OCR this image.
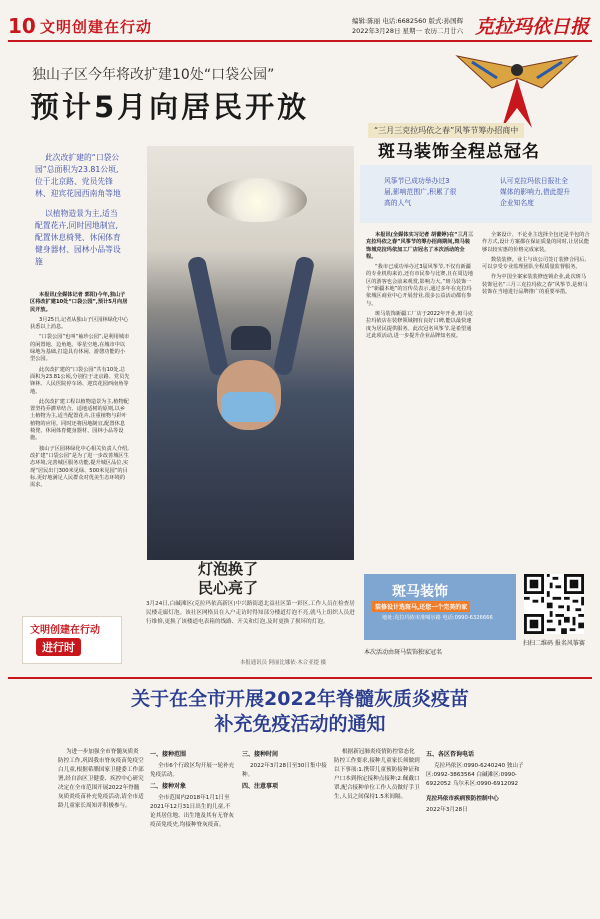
10 文明创建在行动	编辑:陈丽 电话:6682560 版式:孙国辉
2022年3月28日 星期一 农历二月廿六 克拉玛依日报
独山子区今年将改扩建10处“口袋公园”
预计5月向居民开放
此次改扩建的“口袋公园”总面积为23.81公顷,位于北京路、党员先锋林、迎宾花园西南角等地
以植物造景为主,适当配置花卉,同时因地制宜,配置休息椅凳、休闲体育健身器材、园林小品等设施

本报讯(全媒体记者 郭阳)今年,独山子区将改扩建10处“口袋公园”,预计5月向居民开放。

3月25日,记者从独山子区园林绿化中心获悉以上消息。

“口袋公园”也叫“袖珍公园”,是利用城市的闲置地、边角地、零星空地,在城市中以绿地为基础,打造具有休闲、游憩功能的小型公园。

此次改扩建的“口袋公园”共有10处,总面积为23.81公顷,分别位于北京路、党员先锋林、人民医院停车场、迎宾花园西南角等地。

此次改扩建工程以植物造景为主,植物配置坚持乔灌草结合、适地适树的原则,以乡土植物为主,适当配置花卉,注重植物与彩叶植物的应用。同时还将因地制宜,配置休息椅凳、休闲体育健身器材、园林小品等设施。

独山子区园林绿化中心相关负责人介绍,改扩建“口袋公园”是为了进一步改善城区生态环境,完善城区服务功能,提升城区品位,实现“居民出门300米见绿、500米见园”的目标,更好地满足人民群众对优美生态环境的需求。

文明创建在行动
进行时
灯泡换了
民心亮了
3月24日,白碱滩区(克拉玛依高新区)中兴路街道北益社区第一彩区,工作人员在检查居民楼走廊灯泡。该社区网格员在入户走访时得知部分楼道灯泡不亮,就马上组织人员进行维修,更换了该楼道电表箱的线路、开关和灯泡,及时更换了损坏的灯泡。
本报通讯员 阿丽比娜依·木合亚提 摄
“三月三克拉玛依之春”风筝节筹办招商中
斑马装饰全程总冠名
风筝节已成功举办过3届,影响范围广,积累了很高的人气
认可克拉玛依日报社全媒体的影响力,借此提升企业知名度

本报讯(全媒体实习记者 胡蕾婷)在“三月三克拉玛依之春”风筝节的筹办招商期间,斑马装饰城克拉玛依加工厂店冠名了本次活动的全程。

“我市已成功举办过3届风筝节,不仅有新疆的专业机构来访,还有市民参与比赛,且在周边地区的游客也会前来观赏,影响力大。”斑马装饰一个“新疆本地”的宣传员表示,通过多年在克拉玛依城区商业中心开展营业,很多公益活动都有参与。

斑马装饰新疆工厂店于2022年开业,斑马克拉玛依店在装修领域拥有良好口碑,能以最快速度为居民提供服务。此次冠名风筝节,是希望通过此项活动,进一步提升企业品牌知名度。

全案设计、不论业主选择全包还是半包的合作方式,设计方案都在保证质量的同时,让居民能够以较实惠的价格完成家装。

数装装修。业主与该公司签订装修合同后,可以享受专业监理团队全程质量监督服务。

作为中国全案家装装修连锁企业,此次斑马装饰冠名“三月三克拉玛依之春”风筝节,是斑马装饰在当地进行品牌推广的重要举措。

斑马装饰
装修设计选斑马,还您一个完美的家
地址:克拉玛依市准噶尔路 电话:0990-6326666
本次活动由斑马装饰独家冠名
扫扫二维码 报名风筝赛
关于在全市开展2022年脊髓灰质炎疫苗
补充免疫活动的通知

为进一步加强全市脊髓灰质炎防控工作,巩固我市脊灰疫苗免疫空白儿童,根据希腊国家卫健委工作部署,经自治区卫健委、疾控中心研究决定在全市范围开展2022年脊髓灰质炎疫苗补充免疫活动,请全市适龄儿童家长周知并积极参与。

一、接种范围

全市6个行政区均开展一轮补充免疫活动。

二、接种对象

全市范围内2018年1月1日至2021年12月31日出生的儿童,不论其居住地、出生地及其有无脊灰疫苗免疫史,均接种脊灰疫苗。

三、接种时间

2022年3月28日至30日集中接种。

四、注意事项

根据新冠肺炎疫情防控常态化防控工作要求,接种儿童家长须做到以下事项:1.携带儿童预防接种证和户口本到指定接种点接种;2.佩戴口罩,配合接种单位工作人员做好手卫生,人员之间保持1.5米间隔。

五、各区咨询电话

克拉玛依区:0990-6240240 独山子区:0992-3863564 白碱滩区:0990-6922052 乌尔禾区:0990-6912092

克拉玛依市疾病预防控制中心

2022年3月28日
